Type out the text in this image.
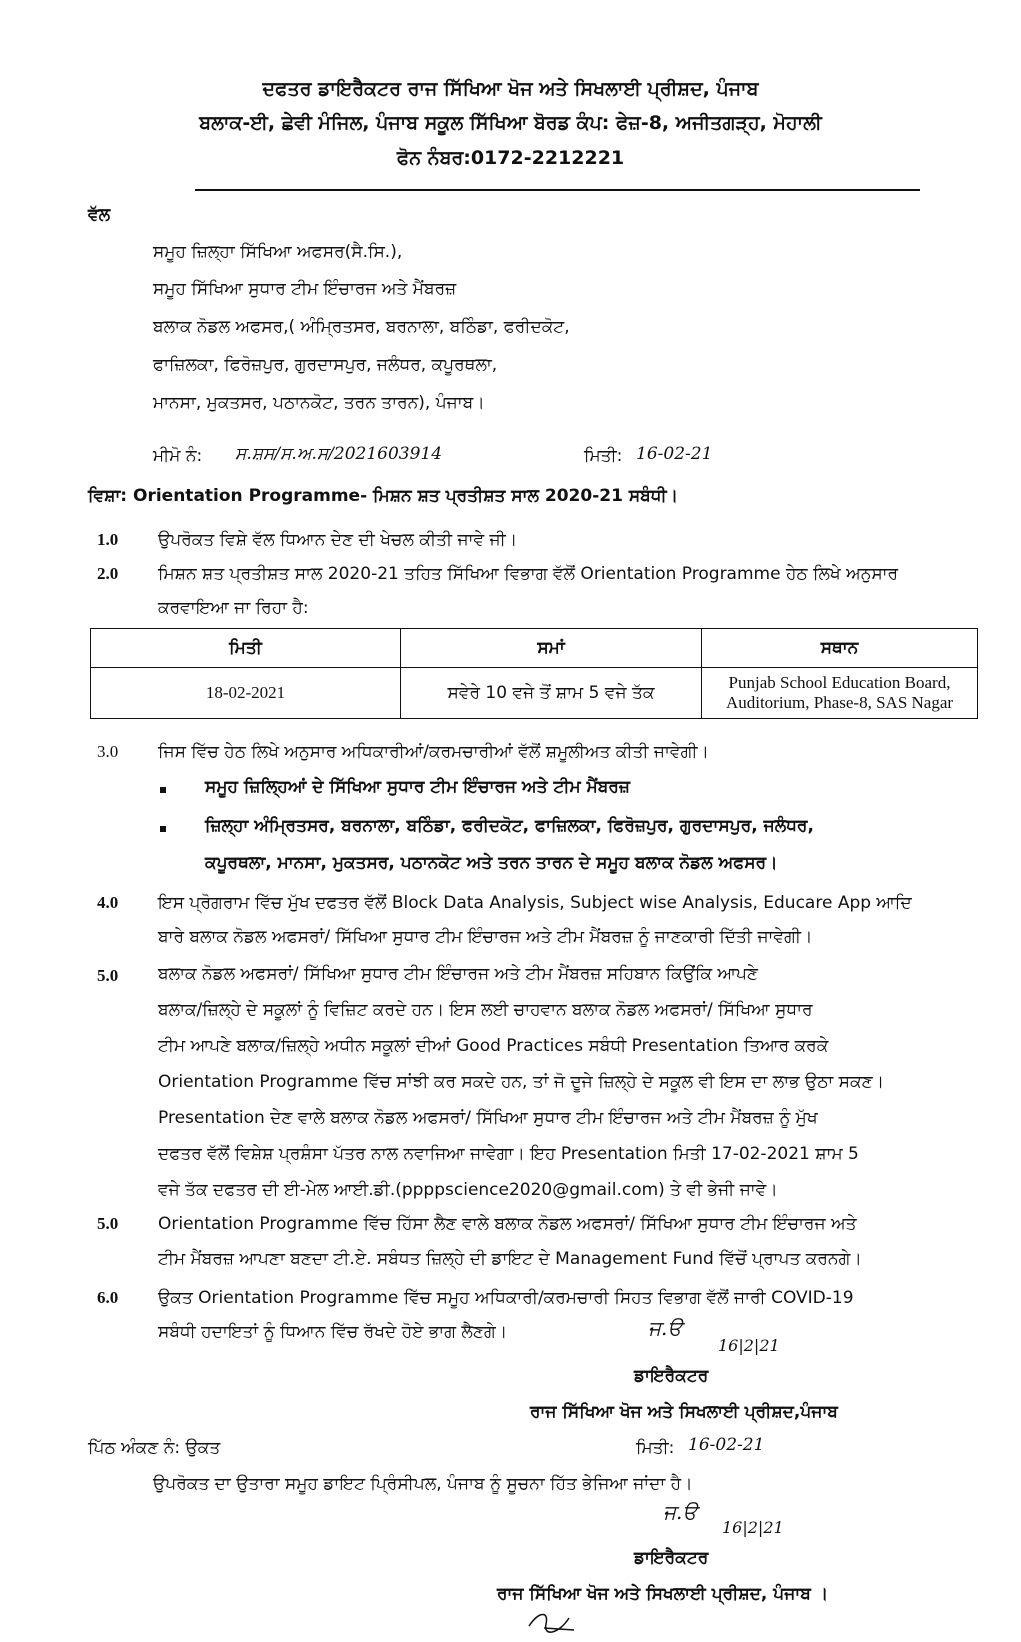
ਦਫਤਰ ਡਾਇਰੈਕਟਰ ਰਾਜ ਸਿੱਖਿਆ ਖੋਜ ਅਤੇ ਸਿਖਲਾਈ ਪ੍ਰੀਸ਼ਦ, ਪੰਜਾਬ
ਬਲਾਕ-ਈ, ਛੇਵੀ ਮੰਜਿਲ, ਪੰਜਾਬ ਸਕੂਲ ਸਿੱਖਿਆ ਬੋਰਡ ਕੰਪ: ਫੇਜ਼-8, ਅਜੀਤਗੜ੍ਹ, ਮੋਹਾਲੀ
ਫੋਨ ਨੰਬਰ:0172-2212221
ਵੱਲ
ਸਮੂਹ ਜ਼ਿਲ੍ਹਾ ਸਿੱਖਿਆ ਅਫਸਰ(ਸੈ.ਸਿ.),
ਸਮੂਹ ਸਿੱਖਿਆ ਸੁਧਾਰ ਟੀਮ ਇੰਚਾਰਜ ਅਤੇ ਮੈਂਬਰਜ਼
ਬਲਾਕ ਨੋਡਲ ਅਫਸਰ,( ਅੰਮ੍ਰਿਤਸਰ, ਬਰਨਾਲਾ, ਬਠਿੰਡਾ, ਫਰੀਦਕੋਟ,
ਫਾਜ਼ਿਲਕਾ, ਫਿਰੋਜ਼ਪੁਰ, ਗੁਰਦਾਸਪੁਰ, ਜਲੰਧਰ, ਕਪੂਰਥਲਾ,
ਮਾਨਸਾ, ਮੁਕਤਸਰ, ਪਠਾਨਕੋਟ, ਤਰਨ ਤਾਰਨ), ਪੰਜਾਬ।
ਮੀਮੋ ਨੰ: ਸ.ਸ਼ਸ/ਸ.ਅ.ਸ/2021603914	ਮਿਤੀ: 16-02-21
ਵਿਸ਼ਾ: Orientation Programme- ਮਿਸ਼ਨ ਸ਼ਤ ਪ੍ਰਤੀਸ਼ਤ ਸਾਲ 2020-21 ਸਬੰਧੀ।
1.0 ਉਪਰੋਕਤ ਵਿਸ਼ੇ ਵੱਲ ਧਿਆਨ ਦੇਣ ਦੀ ਖੇਚਲ ਕੀਤੀ ਜਾਵੇ ਜੀ।
2.0 ਮਿਸ਼ਨ ਸ਼ਤ ਪ੍ਰਤੀਸ਼ਤ ਸਾਲ 2020-21 ਤਹਿਤ ਸਿੱਖਿਆ ਵਿਭਾਗ ਵੱਲੋਂ Orientation Programme ਹੇਠ ਲਿਖੇ ਅਨੁਸਾਰ
ਕਰਵਾਇਆ ਜਾ ਰਿਹਾ ਹੈ:
ਮਿਤੀ	ਸਮਾਂ	ਸਥਾਨ
18-02-2021	ਸਵੇਰੇ 10 ਵਜੇ ਤੋਂ ਸ਼ਾਮ 5 ਵਜੇ ਤੱਕ	Punjab School Education Board,
Auditorium, Phase-8, SAS Nagar
3.0 ਜਿਸ ਵਿੱਚ ਹੇਠ ਲਿਖੇ ਅਨੁਸਾਰ ਅਧਿਕਾਰੀਆਂ/ਕਰਮਚਾਰੀਆਂ ਵੱਲੋਂ ਸ਼ਮੂਲੀਅਤ ਕੀਤੀ ਜਾਵੇਗੀ।
ਸਮੂਹ ਜ਼ਿਲ੍ਹਿਆਂ ਦੇ ਸਿੱਖਿਆ ਸੁਧਾਰ ਟੀਮ ਇੰਚਾਰਜ ਅਤੇ ਟੀਮ ਮੈਂਬਰਜ਼
ਜ਼ਿਲ੍ਹਾ ਅੰਮ੍ਰਿਤਸਰ, ਬਰਨਾਲਾ, ਬਠਿੰਡਾ, ਫਰੀਦਕੋਟ, ਫਾਜ਼ਿਲਕਾ, ਫਿਰੋਜ਼ਪੁਰ, ਗੁਰਦਾਸਪੁਰ, ਜਲੰਧਰ,
ਕਪੂਰਥਲਾ, ਮਾਨਸਾ, ਮੁਕਤਸਰ, ਪਠਾਨਕੋਟ ਅਤੇ ਤਰਨ ਤਾਰਨ ਦੇ ਸਮੂਹ ਬਲਾਕ ਨੋਡਲ ਅਫਸਰ।
4.0 ਇਸ ਪ੍ਰੋਗਰਾਮ ਵਿੱਚ ਮੁੱਖ ਦਫਤਰ ਵੱਲੋਂ Block Data Analysis, Subject wise Analysis, Educare App ਆਦਿ
ਬਾਰੇ ਬਲਾਕ ਨੋਡਲ ਅਫਸਰਾਂ/ ਸਿੱਖਿਆ ਸੁਧਾਰ ਟੀਮ ਇੰਚਾਰਜ ਅਤੇ ਟੀਮ ਮੈਂਬਰਜ਼ ਨੂੰ ਜਾਣਕਾਰੀ ਦਿੱਤੀ ਜਾਵੇਗੀ।
5.0 ਬਲਾਕ ਨੋਡਲ ਅਫਸਰਾਂ/ ਸਿੱਖਿਆ ਸੁਧਾਰ ਟੀਮ ਇੰਚਾਰਜ ਅਤੇ ਟੀਮ ਮੈਂਬਰਜ਼ ਸਹਿਬਾਨ ਕਿਉਂਕਿ ਆਪਣੇ

ਬਲਾਕ/ਜ਼ਿਲ੍ਹੇ ਦੇ ਸਕੂਲਾਂ ਨੂੰ ਵਿਜ਼ਿਟ ਕਰਦੇ ਹਨ। ਇਸ ਲਈ ਚਾਹਵਾਨ ਬਲਾਕ ਨੋਡਲ ਅਫਸਰਾਂ/ ਸਿੱਖਿਆ ਸੁਧਾਰ

ਟੀਮ ਆਪਣੇ ਬਲਾਕ/ਜ਼ਿਲ੍ਹੇ ਅਧੀਨ ਸਕੂਲਾਂ ਦੀਆਂ Good Practices ਸਬੰਧੀ Presentation ਤਿਆਰ ਕਰਕੇ

Orientation Programme ਵਿੱਚ ਸਾਂਝੀ ਕਰ ਸਕਦੇ ਹਨ, ਤਾਂ ਜੋ ਦੂਜੇ ਜ਼ਿਲ੍ਹੇ ਦੇ ਸਕੂਲ ਵੀ ਇਸ ਦਾ ਲਾਭ ਉਠਾ ਸਕਣ।

Presentation ਦੇਣ ਵਾਲੇ ਬਲਾਕ ਨੋਡਲ ਅਫਸਰਾਂ/ ਸਿੱਖਿਆ ਸੁਧਾਰ ਟੀਮ ਇੰਚਾਰਜ ਅਤੇ ਟੀਮ ਮੈਂਬਰਜ਼ ਨੂੰ ਮੁੱਖ

ਦਫਤਰ ਵੱਲੋਂ ਵਿਸ਼ੇਸ਼ ਪ੍ਰਸ਼ੰਸਾ ਪੱਤਰ ਨਾਲ ਨਵਾਜਿਆ ਜਾਵੇਗਾ। ਇਹ Presentation ਮਿਤੀ 17-02-2021 ਸ਼ਾਮ 5

ਵਜੇ ਤੱਕ ਦਫਤਰ ਦੀ ਈ-ਮੇਲ ਆਈ.ਡੀ.(ppppscience2020@gmail.com) ਤੇ ਵੀ ਭੇਜੀ ਜਾਵੇ।

5.0 Orientation Programme ਵਿੱਚ ਹਿੱਸਾ ਲੈਣ ਵਾਲੇ ਬਲਾਕ ਨੋਡਲ ਅਫਸਰਾਂ/ ਸਿੱਖਿਆ ਸੁਧਾਰ ਟੀਮ ਇੰਚਾਰਜ ਅਤੇ
ਟੀਮ ਮੈਂਬਰਜ਼ ਆਪਣਾ ਬਣਦਾ ਟੀ.ਏ. ਸਬੰਧਤ ਜ਼ਿਲ੍ਹੇ ਦੀ ਡਾਇਟ ਦੇ Management Fund ਵਿੱਚੋਂ ਪ੍ਰਾਪਤ ਕਰਨਗੇ।
6.0 ਉਕਤ Orientation Programme ਵਿੱਚ ਸਮੂਹ ਅਧਿਕਾਰੀ/ਕਰਮਚਾਰੀ ਸਿਹਤ ਵਿਭਾਗ ਵੱਲੋਂ ਜਾਰੀ COVID-19
ਸਬੰਧੀ ਹਦਾਇਤਾਂ ਨੂੰ ਧਿਆਨ ਵਿੱਚ ਰੱਖਦੇ ਹੋਏ ਭਾਗ ਲੈਣਗੇ।	ਜ.ੳ
16|2|21
ਡਾਇਰੈਕਟਰ
ਰਾਜ ਸਿੱਖਿਆ ਖੋਜ ਅਤੇ ਸਿਖਲਾਈ ਪ੍ਰੀਸ਼ਦ,ਪੰਜਾਬ
ਪਿੱਠ ਅੰਕਣ ਨੰ: ਉਕਤ	ਮਿਤੀ: 16-02-21
ਉਪਰੋਕਤ ਦਾ ਉਤਾਰਾ ਸਮੂਹ ਡਾਇਟ ਪ੍ਰਿੰਸੀਪਲ, ਪੰਜਾਬ ਨੂੰ ਸੂਚਨਾ ਹਿੱਤ ਭੇਜਿਆ ਜਾਂਦਾ ਹੈ।
ਜ.ੳ
16|2|21
ਡਾਇਰੈਕਟਰ
ਰਾਜ ਸਿੱਖਿਆ ਖੋਜ ਅਤੇ ਸਿਖਲਾਈ ਪ੍ਰੀਸ਼ਦ, ਪੰਜਾਬ ।
